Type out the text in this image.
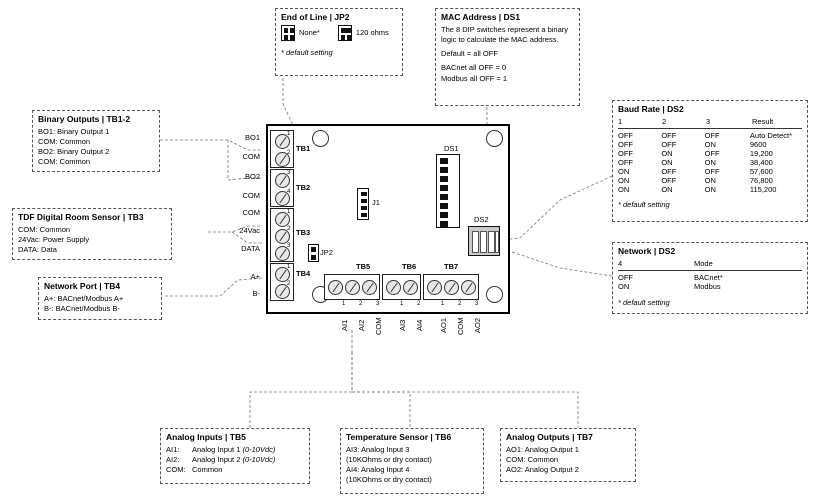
End of Line | JP2
None*	120 ohms
* default setting
MAC Address | DS1
The 8 DIP switches represent a binary
logic to calculate the MAC address.
Default = all OFF
BACnet all OFF = 0
Modbus all OFF = 1
Binary Outputs | TB1-2
BO1: Binary Output 1
COM: Common
BO2: Binary Output 2
COM: Common
TDF Digital Room Sensor | TB3
COM: Common
24Vac: Power Supply
DATA: Data
Network Port | TB4
A+: BACnet/Modbus A+
B-: BACnet/Modbus B-
Baud Rate | DS2
1	2	3	Result
OFF	OFF	OFF	Auto Detect*
OFF	OFF	ON	9600
OFF	ON	OFF	19,200
OFF	ON	ON	38,400
ON	OFF	OFF	57,600
ON	OFF	ON	76,800
ON	ON	ON	115,200
* default setting
Network | DS2
4	Mode
OFF	BACnet*
ON	Modbus
* default setting
Analog Inputs | TB5
AI1: Analog Input 1 (0-10Vdc)
AI2: Analog Input 2 (0-10Vdc)
COM: Common
Temperature Sensor | TB6
AI3: Analog Input 3
(10KOhms or dry contact)
AI4: Analog Input 4
(10KOhms or dry contact)
Analog Outputs | TB7
AO1: Analog Output 1
COM: Common
AO2: Analog Output 2
BO1
COM
BO2
COM
COM
24Vac
DATA
A+
B-
1
2 TB1
3
4 TB2
1
2
3
TB3
1
2
TB4
J1
JP2
DS1
DS2
TB5	TB6	TB7
1 2 3	1 2	1 2 3
AI1 AI2 COM AI3 AI4 AO1 COM AO2
